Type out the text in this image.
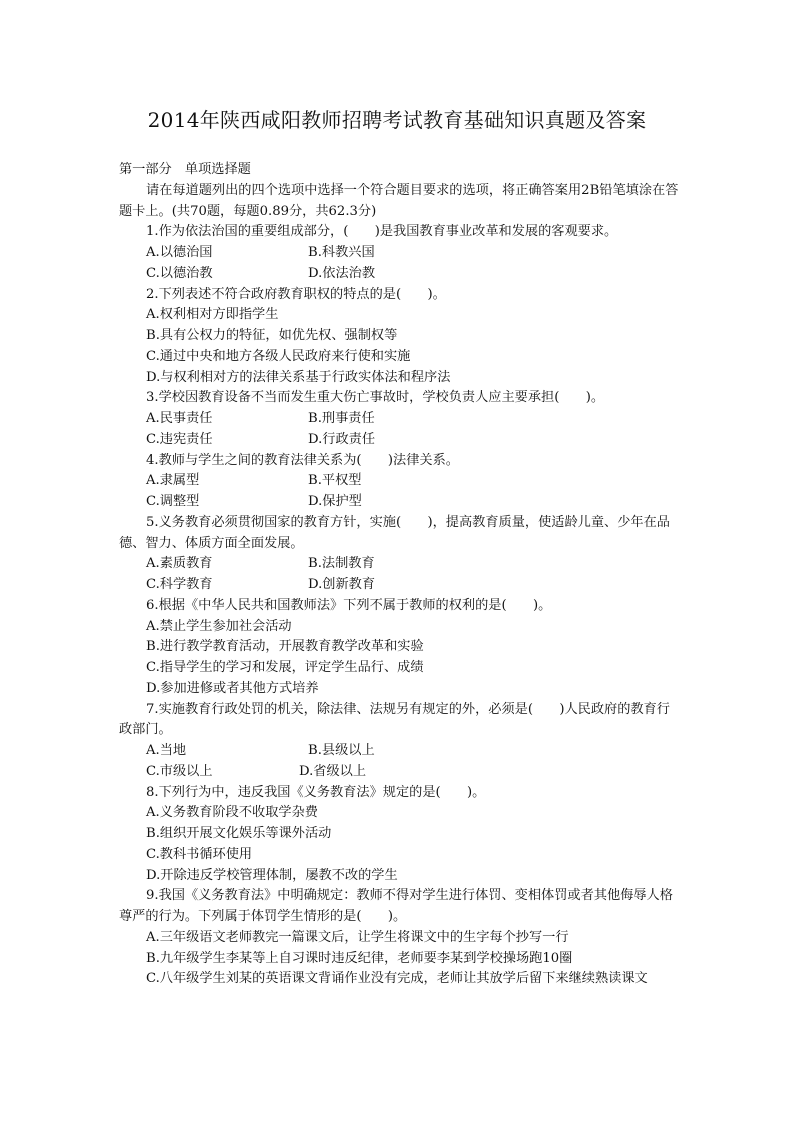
2014年陕西咸阳教师招聘考试教育基础知识真题及答案
第一部分　单项选择题
请在每道题列出的四个选项中选择一个符合题目要求的选项，将正确答案用2B铅笔填涂在答题卡上。(共70题，每题0.89分，共62.3分)
1.作为依法治国的重要组成部分，(　　)是我国教育事业改革和发展的客观要求。
A.以德治国	B.科教兴国
C.以德治教	D.依法治教
2.下列表述不符合政府教育职权的特点的是(　　)。
A.权利相对方即指学生
B.具有公权力的特征，如优先权、强制权等
C.通过中央和地方各级人民政府来行使和实施
D.与权利相对方的法律关系基于行政实体法和程序法
3.学校因教育设备不当而发生重大伤亡事故时，学校负责人应主要承担(　　)。
A.民事责任	B.刑事责任
C.违宪责任	D.行政责任
4.教师与学生之间的教育法律关系为(　　)法律关系。
A.隶属型	B.平权型
C.调整型	D.保护型
5.义务教育必须贯彻国家的教育方针，实施(　　)，提高教育质量，使适龄儿童、少年在品德、智力、体质方面全面发展。
A.素质教育	B.法制教育
C.科学教育	D.创新教育
6.根据《中华人民共和国教师法》下列不属于教师的权利的是(　　)。
A.禁止学生参加社会活动
B.进行教学教育活动，开展教育教学改革和实验
C.指导学生的学习和发展，评定学生品行、成绩
D.参加进修或者其他方式培养
7.实施教育行政处罚的机关，除法律、法规另有规定的外，必须是(　　)人民政府的教育行政部门。
A.当地	B.县级以上
C.市级以上	D.省级以上
8.下列行为中，违反我国《义务教育法》规定的是(　　)。
A.义务教育阶段不收取学杂费
B.组织开展文化娱乐等课外活动
C.教科书循环使用
D.开除违反学校管理体制，屡教不改的学生
9.我国《义务教育法》中明确规定：教师不得对学生进行体罚、变相体罚或者其他侮辱人格尊严的行为。下列属于体罚学生情形的是(　　)。
A.三年级语文老师教完一篇课文后，让学生将课文中的生字每个抄写一行
B.九年级学生李某等上自习课时违反纪律，老师要李某到学校操场跑10圈
C.八年级学生刘某的英语课文背诵作业没有完成，老师让其放学后留下来继续熟读课文
